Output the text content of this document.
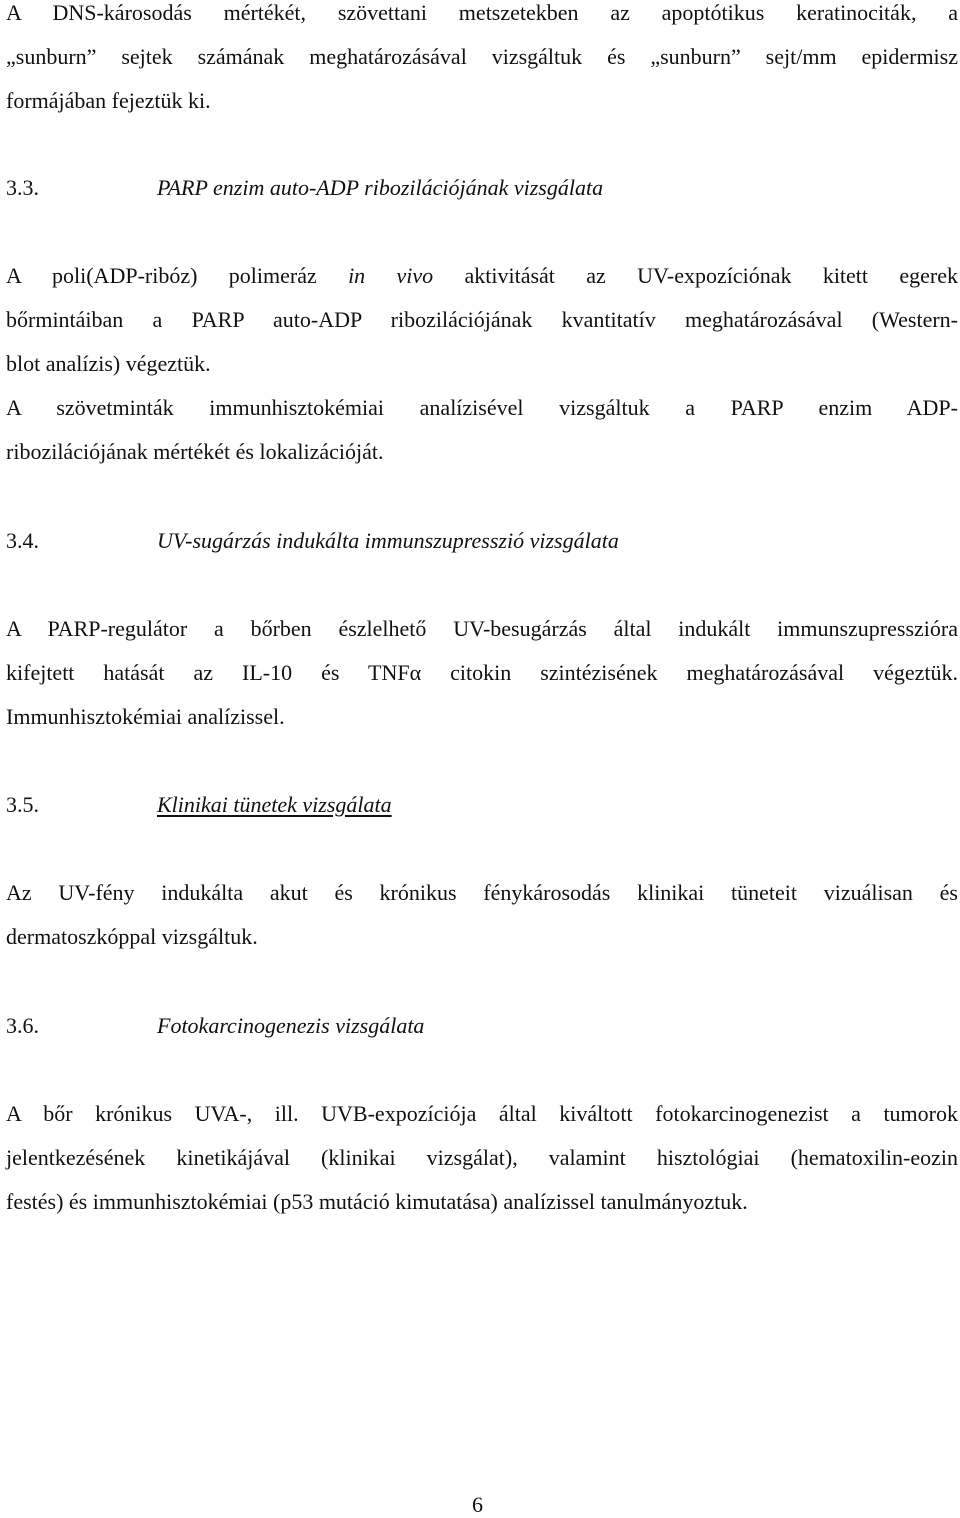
A DNS-károsodás mértékét, szövettani metszetekben az apoptótikus keratinociták, a
„sunburn” sejtek számának meghatározásával vizsgáltuk és „sunburn” sejt/mm epidermisz
formájában fejeztük ki.
3.3.	PARP enzim auto-ADP ribozilációjának vizsgálata
A poli(ADP-ribóz) polimeráz in vivo aktivitását az UV-expozíciónak kitett egerek
bőrmintáiban a PARP auto-ADP ribozilációjának kvantitatív meghatározásával (Western-
blot analízis) végeztük.
A szövetminták immunhisztokémiai analízisével vizsgáltuk a PARP enzim ADP-
ribozilációjának mértékét és lokalizációját.
3.4.	UV-sugárzás indukálta immunszupresszió vizsgálata
A PARP-regulátor a bőrben észlelhető UV-besugárzás által indukált immunszupresszióra
kifejtett hatását az IL-10 és TNFα citokin szintézisének meghatározásával végeztük.
Immunhisztokémiai analízissel.
3.5.	Klinikai tünetek vizsgálata
Az UV-fény indukálta akut és krónikus fénykárosodás klinikai tüneteit vizuálisan és
dermatoszkóppal vizsgáltuk.
3.6.	Fotokarcinogenezis vizsgálata
A bőr krónikus UVA-, ill. UVB-expozíciója által kiváltott fotokarcinogenezist a tumorok
jelentkezésének kinetikájával (klinikai vizsgálat), valamint hisztológiai (hematoxilin-eozin
festés) és immunhisztokémiai (p53 mutáció kimutatása) analízissel tanulmányoztuk.
6
